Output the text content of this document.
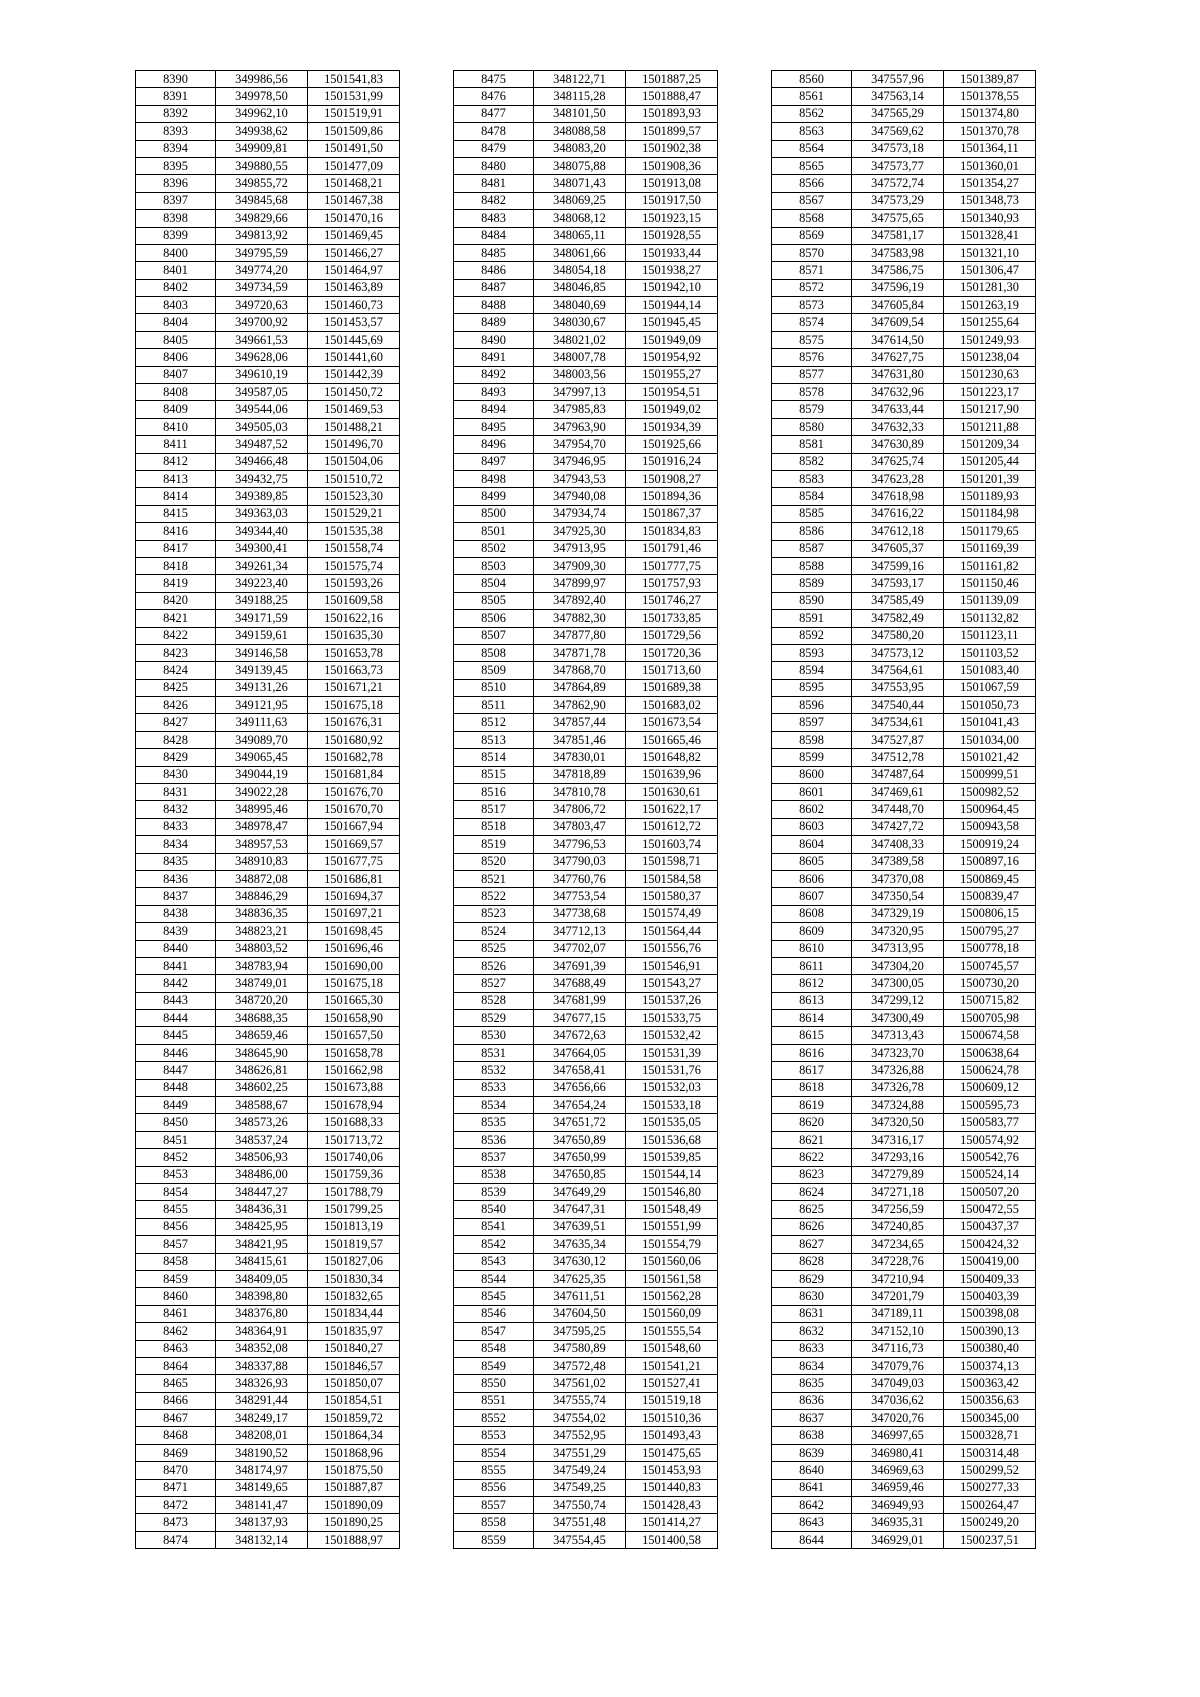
8390	349986,56	1501541,83
8391	349978,50	1501531,99
8392	349962,10	1501519,91
8393	349938,62	1501509,86
8394	349909,81	1501491,50
8395	349880,55	1501477,09
8396	349855,72	1501468,21
8397	349845,68	1501467,38
8398	349829,66	1501470,16
8399	349813,92	1501469,45
8400	349795,59	1501466,27
8401	349774,20	1501464,97
8402	349734,59	1501463,89
8403	349720,63	1501460,73
8404	349700,92	1501453,57
8405	349661,53	1501445,69
8406	349628,06	1501441,60
8407	349610,19	1501442,39
8408	349587,05	1501450,72
8409	349544,06	1501469,53
8410	349505,03	1501488,21
8411	349487,52	1501496,70
8412	349466,48	1501504,06
8413	349432,75	1501510,72
8414	349389,85	1501523,30
8415	349363,03	1501529,21
8416	349344,40	1501535,38
8417	349300,41	1501558,74
8418	349261,34	1501575,74
8419	349223,40	1501593,26
8420	349188,25	1501609,58
8421	349171,59	1501622,16
8422	349159,61	1501635,30
8423	349146,58	1501653,78
8424	349139,45	1501663,73
8425	349131,26	1501671,21
8426	349121,95	1501675,18
8427	349111,63	1501676,31
8428	349089,70	1501680,92
8429	349065,45	1501682,78
8430	349044,19	1501681,84
8431	349022,28	1501676,70
8432	348995,46	1501670,70
8433	348978,47	1501667,94
8434	348957,53	1501669,57
8435	348910,83	1501677,75
8436	348872,08	1501686,81
8437	348846,29	1501694,37
8438	348836,35	1501697,21
8439	348823,21	1501698,45
8440	348803,52	1501696,46
8441	348783,94	1501690,00
8442	348749,01	1501675,18
8443	348720,20	1501665,30
8444	348688,35	1501658,90
8445	348659,46	1501657,50
8446	348645,90	1501658,78
8447	348626,81	1501662,98
8448	348602,25	1501673,88
8449	348588,67	1501678,94
8450	348573,26	1501688,33
8451	348537,24	1501713,72
8452	348506,93	1501740,06
8453	348486,00	1501759,36
8454	348447,27	1501788,79
8455	348436,31	1501799,25
8456	348425,95	1501813,19
8457	348421,95	1501819,57
8458	348415,61	1501827,06
8459	348409,05	1501830,34
8460	348398,80	1501832,65
8461	348376,80	1501834,44
8462	348364,91	1501835,97
8463	348352,08	1501840,27
8464	348337,88	1501846,57
8465	348326,93	1501850,07
8466	348291,44	1501854,51
8467	348249,17	1501859,72
8468	348208,01	1501864,34
8469	348190,52	1501868,96
8470	348174,97	1501875,50
8471	348149,65	1501887,87
8472	348141,47	1501890,09
8473	348137,93	1501890,25
8474	348132,14	1501888,97
8475	348122,71	1501887,25
8476	348115,28	1501888,47
8477	348101,50	1501893,93
8478	348088,58	1501899,57
8479	348083,20	1501902,38
8480	348075,88	1501908,36
8481	348071,43	1501913,08
8482	348069,25	1501917,50
8483	348068,12	1501923,15
8484	348065,11	1501928,55
8485	348061,66	1501933,44
8486	348054,18	1501938,27
8487	348046,85	1501942,10
8488	348040,69	1501944,14
8489	348030,67	1501945,45
8490	348021,02	1501949,09
8491	348007,78	1501954,92
8492	348003,56	1501955,27
8493	347997,13	1501954,51
8494	347985,83	1501949,02
8495	347963,90	1501934,39
8496	347954,70	1501925,66
8497	347946,95	1501916,24
8498	347943,53	1501908,27
8499	347940,08	1501894,36
8500	347934,74	1501867,37
8501	347925,30	1501834,83
8502	347913,95	1501791,46
8503	347909,30	1501777,75
8504	347899,97	1501757,93
8505	347892,40	1501746,27
8506	347882,30	1501733,85
8507	347877,80	1501729,56
8508	347871,78	1501720,36
8509	347868,70	1501713,60
8510	347864,89	1501689,38
8511	347862,90	1501683,02
8512	347857,44	1501673,54
8513	347851,46	1501665,46
8514	347830,01	1501648,82
8515	347818,89	1501639,96
8516	347810,78	1501630,61
8517	347806,72	1501622,17
8518	347803,47	1501612,72
8519	347796,53	1501603,74
8520	347790,03	1501598,71
8521	347760,76	1501584,58
8522	347753,54	1501580,37
8523	347738,68	1501574,49
8524	347712,13	1501564,44
8525	347702,07	1501556,76
8526	347691,39	1501546,91
8527	347688,49	1501543,27
8528	347681,99	1501537,26
8529	347677,15	1501533,75
8530	347672,63	1501532,42
8531	347664,05	1501531,39
8532	347658,41	1501531,76
8533	347656,66	1501532,03
8534	347654,24	1501533,18
8535	347651,72	1501535,05
8536	347650,89	1501536,68
8537	347650,99	1501539,85
8538	347650,85	1501544,14
8539	347649,29	1501546,80
8540	347647,31	1501548,49
8541	347639,51	1501551,99
8542	347635,34	1501554,79
8543	347630,12	1501560,06
8544	347625,35	1501561,58
8545	347611,51	1501562,28
8546	347604,50	1501560,09
8547	347595,25	1501555,54
8548	347580,89	1501548,60
8549	347572,48	1501541,21
8550	347561,02	1501527,41
8551	347555,74	1501519,18
8552	347554,02	1501510,36
8553	347552,95	1501493,43
8554	347551,29	1501475,65
8555	347549,24	1501453,93
8556	347549,25	1501440,83
8557	347550,74	1501428,43
8558	347551,48	1501414,27
8559	347554,45	1501400,58
8560	347557,96	1501389,87
8561	347563,14	1501378,55
8562	347565,29	1501374,80
8563	347569,62	1501370,78
8564	347573,18	1501364,11
8565	347573,77	1501360,01
8566	347572,74	1501354,27
8567	347573,29	1501348,73
8568	347575,65	1501340,93
8569	347581,17	1501328,41
8570	347583,98	1501321,10
8571	347586,75	1501306,47
8572	347596,19	1501281,30
8573	347605,84	1501263,19
8574	347609,54	1501255,64
8575	347614,50	1501249,93
8576	347627,75	1501238,04
8577	347631,80	1501230,63
8578	347632,96	1501223,17
8579	347633,44	1501217,90
8580	347632,33	1501211,88
8581	347630,89	1501209,34
8582	347625,74	1501205,44
8583	347623,28	1501201,39
8584	347618,98	1501189,93
8585	347616,22	1501184,98
8586	347612,18	1501179,65
8587	347605,37	1501169,39
8588	347599,16	1501161,82
8589	347593,17	1501150,46
8590	347585,49	1501139,09
8591	347582,49	1501132,82
8592	347580,20	1501123,11
8593	347573,12	1501103,52
8594	347564,61	1501083,40
8595	347553,95	1501067,59
8596	347540,44	1501050,73
8597	347534,61	1501041,43
8598	347527,87	1501034,00
8599	347512,78	1501021,42
8600	347487,64	1500999,51
8601	347469,61	1500982,52
8602	347448,70	1500964,45
8603	347427,72	1500943,58
8604	347408,33	1500919,24
8605	347389,58	1500897,16
8606	347370,08	1500869,45
8607	347350,54	1500839,47
8608	347329,19	1500806,15
8609	347320,95	1500795,27
8610	347313,95	1500778,18
8611	347304,20	1500745,57
8612	347300,05	1500730,20
8613	347299,12	1500715,82
8614	347300,49	1500705,98
8615	347313,43	1500674,58
8616	347323,70	1500638,64
8617	347326,88	1500624,78
8618	347326,78	1500609,12
8619	347324,88	1500595,73
8620	347320,50	1500583,77
8621	347316,17	1500574,92
8622	347293,16	1500542,76
8623	347279,89	1500524,14
8624	347271,18	1500507,20
8625	347256,59	1500472,55
8626	347240,85	1500437,37
8627	347234,65	1500424,32
8628	347228,76	1500419,00
8629	347210,94	1500409,33
8630	347201,79	1500403,39
8631	347189,11	1500398,08
8632	347152,10	1500390,13
8633	347116,73	1500380,40
8634	347079,76	1500374,13
8635	347049,03	1500363,42
8636	347036,62	1500356,63
8637	347020,76	1500345,00
8638	346997,65	1500328,71
8639	346980,41	1500314,48
8640	346969,63	1500299,52
8641	346959,46	1500277,33
8642	346949,93	1500264,47
8643	346935,31	1500249,20
8644	346929,01	1500237,51
